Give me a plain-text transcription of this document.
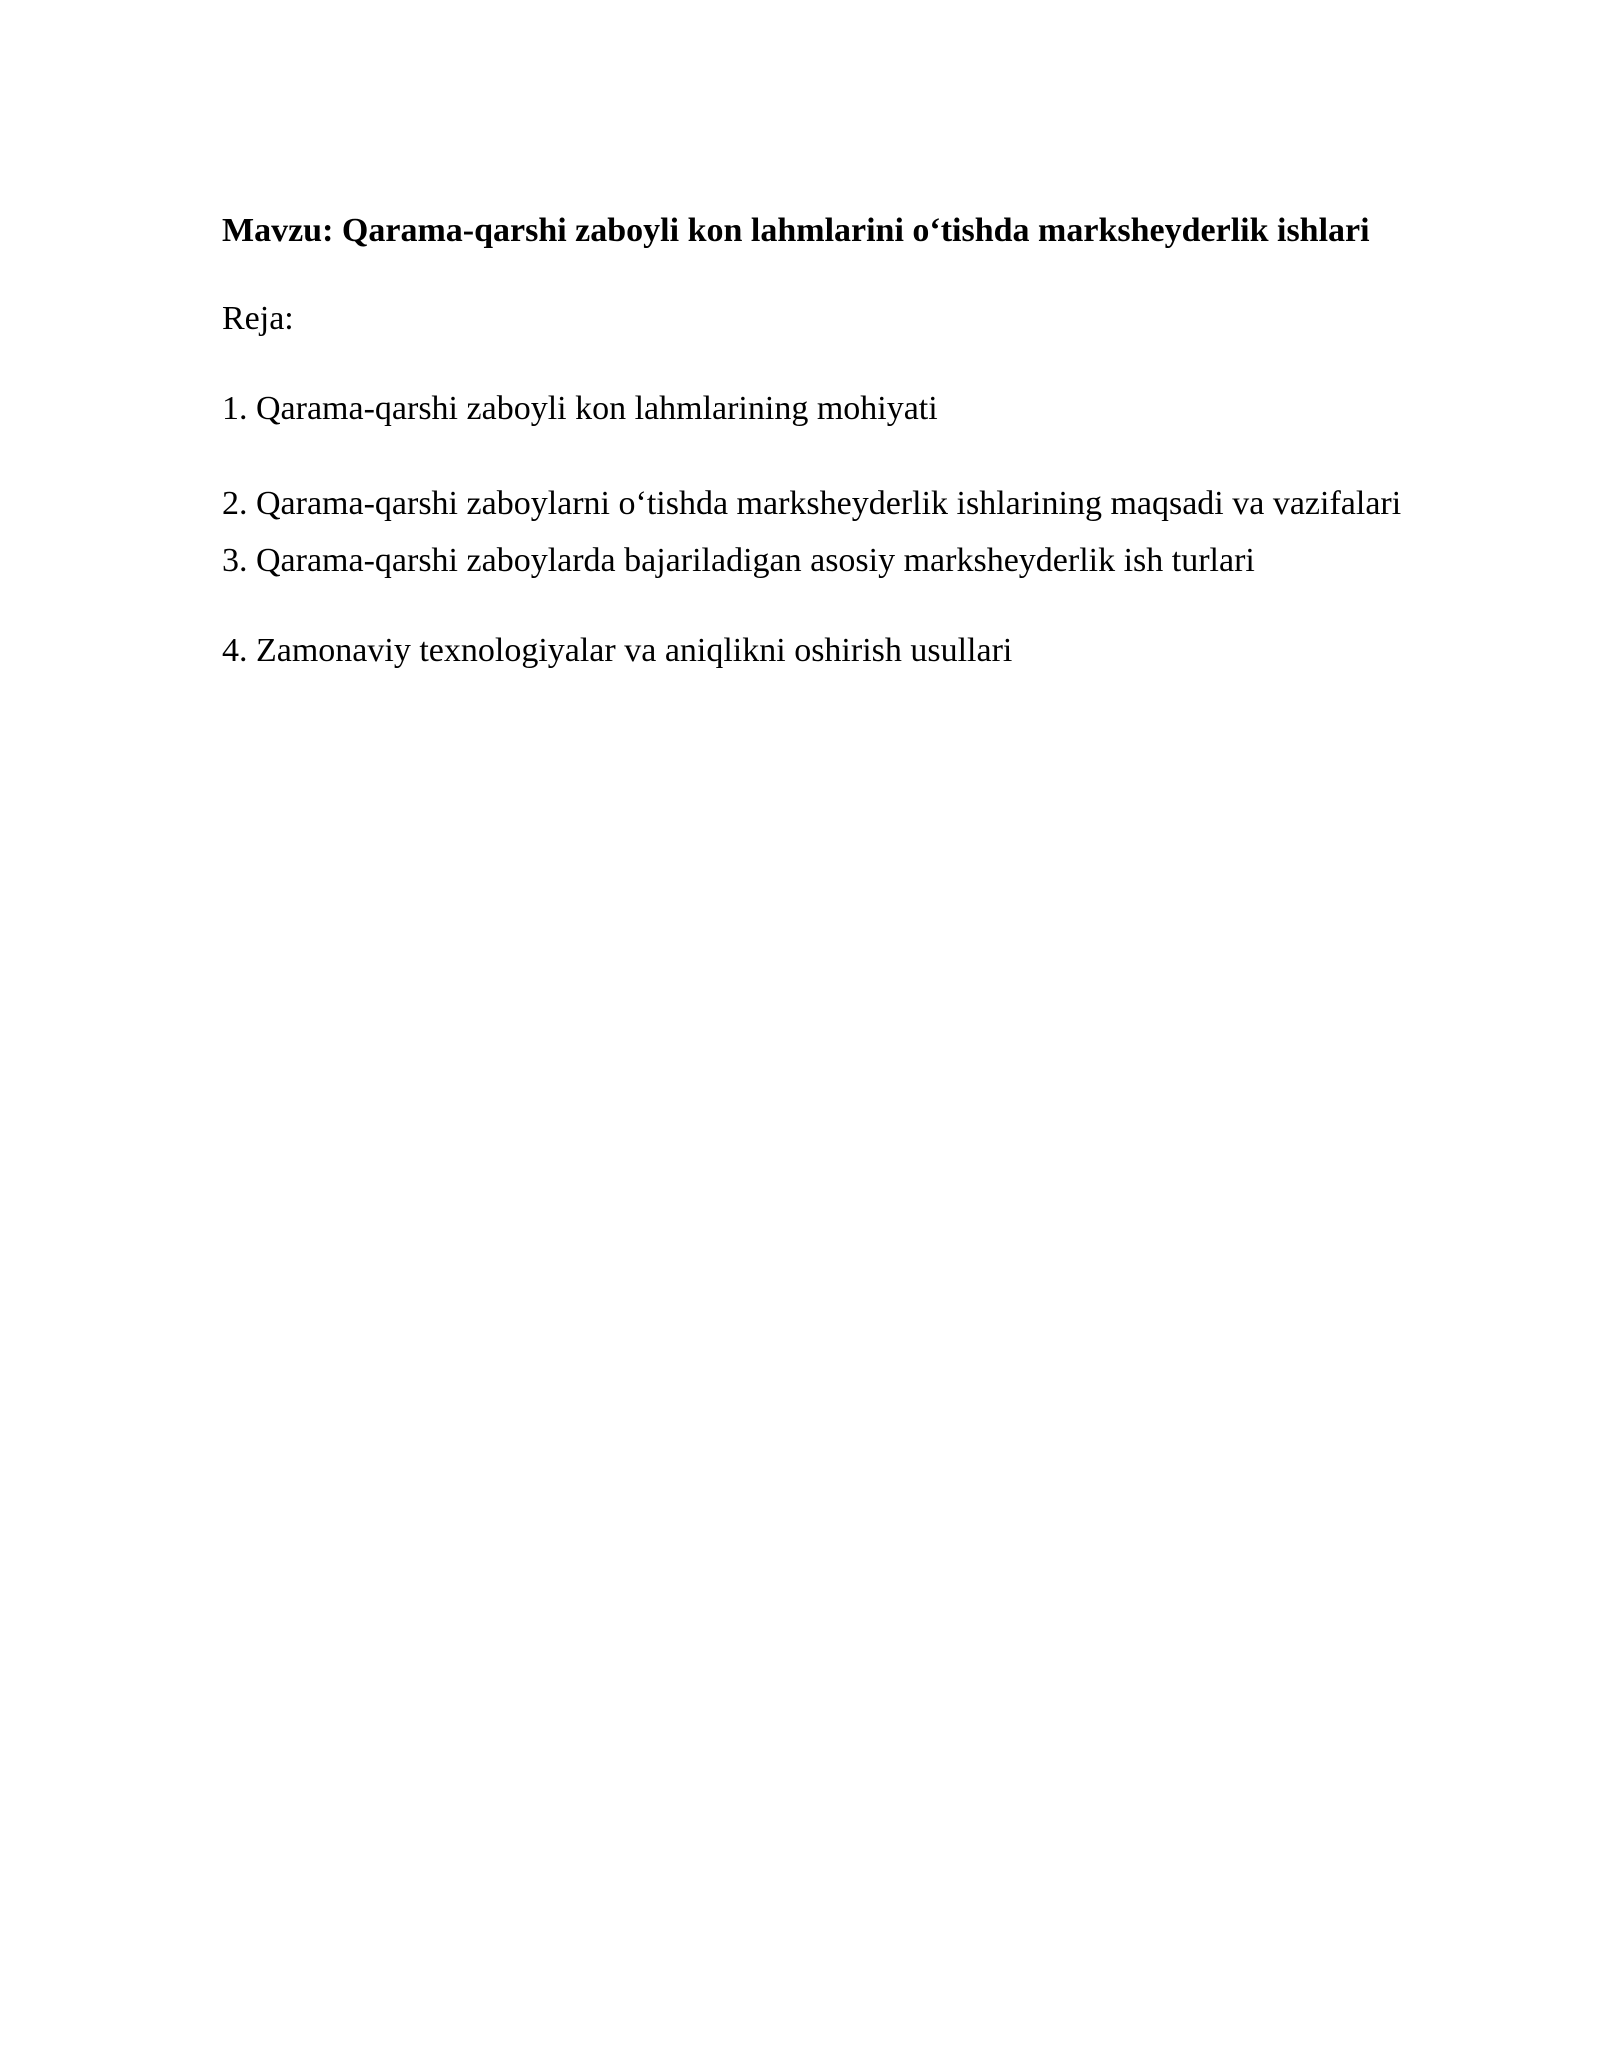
Mavzu: Qarama-qarshi zaboyli kon lahmlarini o‘tishda marksheyderlik ishlari

Reja:

1. Qarama-qarshi zaboyli kon lahmlarining mohiyati

2. Qarama-qarshi zaboylarni o‘tishda marksheyderlik ishlarining maqsadi va vazifalari

3. Qarama-qarshi zaboylarda bajariladigan asosiy marksheyderlik ish turlari

4. Zamonaviy texnologiyalar va aniqlikni oshirish usullari
